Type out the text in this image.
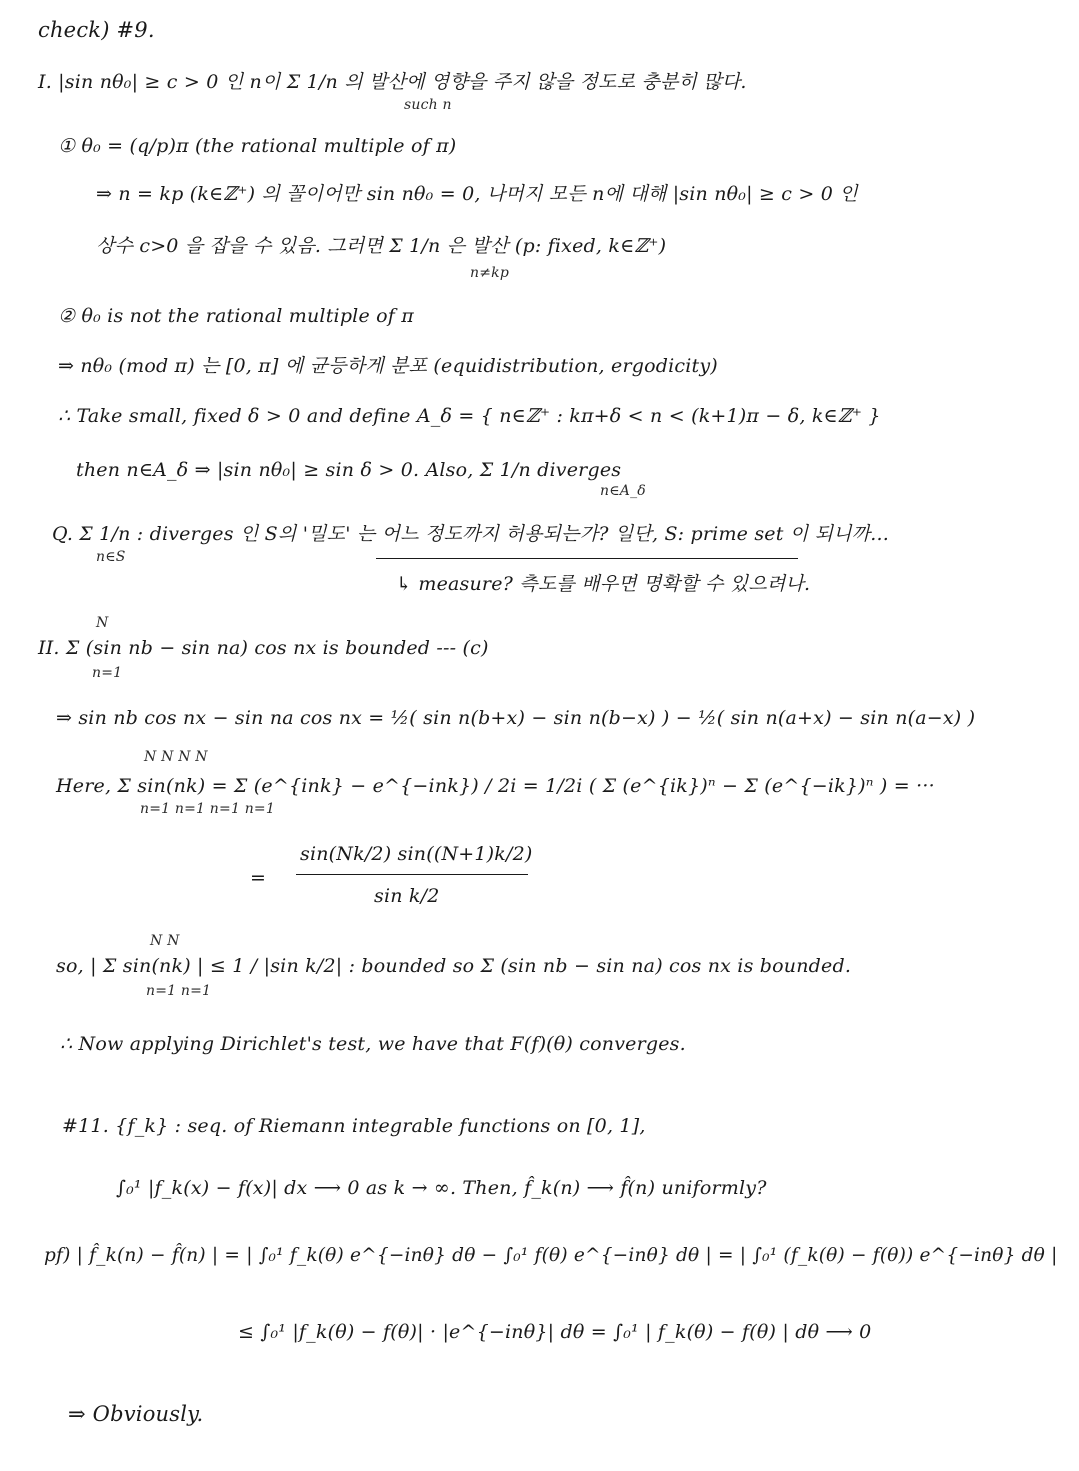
check) #9.
I. |sin nθ₀| ≥ c > 0 인 n이 Σ 1/n 의 발산에 영향을 주지 않을 정도로 충분히 많다.
such n
① θ₀ = (q/p)π (the rational multiple of π)
⇒ n = kp (k∈ℤ⁺) 의 꼴이어만 sin nθ₀ = 0, 나머지 모든 n에 대해 |sin nθ₀| ≥ c > 0 인
상수 c>0 을 잡을 수 있음. 그러면 Σ 1/n 은 발산 (p: fixed, k∈ℤ⁺)
n≠kp
② θ₀ is not the rational multiple of π
⇒ nθ₀ (mod π) 는 [0, π] 에 균등하게 분포 (equidistribution, ergodicity)
∴ Take small, fixed δ > 0 and define A_δ = { n∈ℤ⁺ : kπ+δ < n < (k+1)π − δ, k∈ℤ⁺ }
then n∈A_δ ⇒ |sin nθ₀| ≥ sin δ > 0. Also, Σ 1/n diverges
n∈A_δ
Q. Σ 1/n : diverges 인 S의 '밀도' 는 어느 정도까지 허용되는가? 일단, S: prime set 이 되니까...
n∈S
↳ measure? 측도를 배우면 명확할 수 있으려나.
N
II. Σ (sin nb − sin na) cos nx is bounded --- (c)
n=1
⇒ sin nb cos nx − sin na cos nx = ½( sin n(b+x) − sin n(b−x) ) − ½( sin n(a+x) − sin n(a−x) )
N N N N
Here, Σ sin(nk) = Σ (e^{ink} − e^{−ink}) / 2i = 1/2i ( Σ (e^{ik})ⁿ − Σ (e^{−ik})ⁿ ) = ···
n=1 n=1 n=1 n=1
=
sin(Nk/2) sin((N+1)k/2)
sin k/2
N N
so, | Σ sin(nk) | ≤ 1 / |sin k/2| : bounded so Σ (sin nb − sin na) cos nx is bounded.
n=1 n=1
∴ Now applying Dirichlet's test, we have that F(f)(θ) converges.
#11. {f_k} : seq. of Riemann integrable functions on [0, 1],
∫₀¹ |f_k(x) − f(x)| dx ⟶ 0 as k → ∞. Then, f̂_k(n) ⟶ f̂(n) uniformly?
pf) | f̂_k(n) − f̂(n) | = | ∫₀¹ f_k(θ) e^{−inθ} dθ − ∫₀¹ f(θ) e^{−inθ} dθ | = | ∫₀¹ (f_k(θ) − f(θ)) e^{−inθ} dθ |
≤ ∫₀¹ |f_k(θ) − f(θ)| · |e^{−inθ}| dθ = ∫₀¹ | f_k(θ) − f(θ) | dθ ⟶ 0
⇒ Obviously.
